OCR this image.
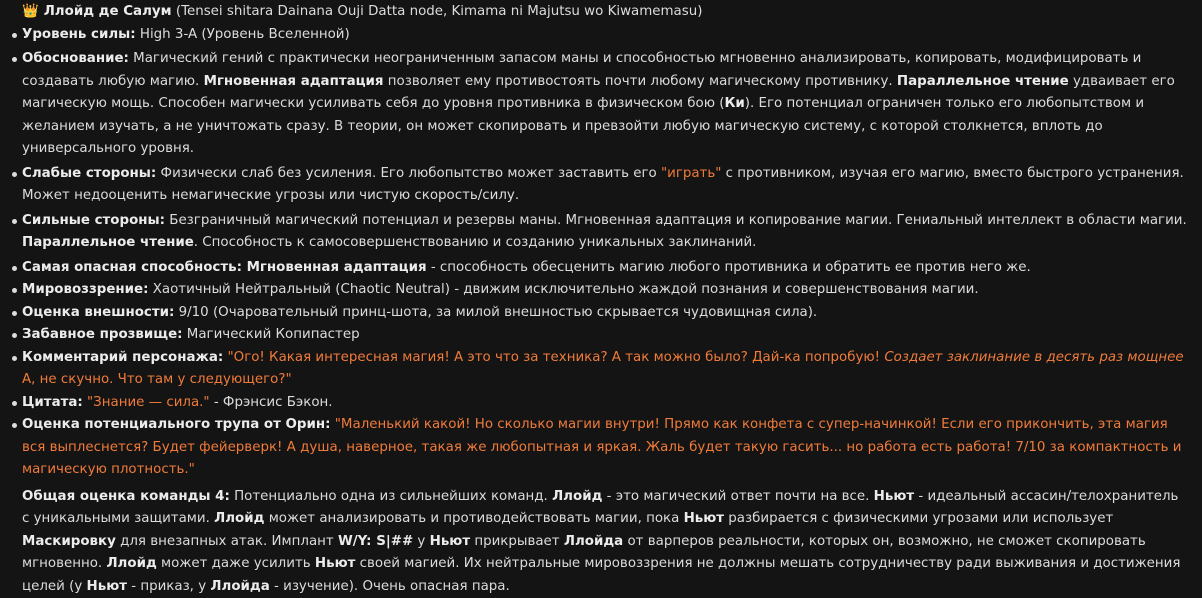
👑 Ллойд де Салум (Tensei shitara Dainana Ouji Datta node, Kimama ni Majutsu wo Kiwamemasu)
Уровень силы: High 3-A (Уровень Вселенной)
Обоснование: Магический гений с практически неограниченным запасом маны и способностью мгновенно анализировать, копировать, модифицировать и создавать любую магию. Мгновенная адаптация позволяет ему противостоять почти любому магическому противнику. Параллельное чтение удваивает его магическую мощь. Способен магически усиливать себя до уровня противника в физическом бою (Ки). Его потенциал ограничен только его любопытством и желанием изучать, а не уничтожать сразу. В теории, он может скопировать и превзойти любую магическую систему, с которой столкнется, вплоть до универсального уровня.
Слабые стороны: Физически слаб без усиления. Его любопытство может заставить его "играть" с противником, изучая его магию, вместо быстрого устранения. Может недооценить немагические угрозы или чистую скорость/силу.
Сильные стороны: Безграничный магический потенциал и резервы маны. Мгновенная адаптация и копирование магии. Гениальный интеллект в области магии. Параллельное чтение. Способность к самосовершенствованию и созданию уникальных заклинаний.
Самая опасная способность: Мгновенная адаптация - способность обесценить магию любого противника и обратить ее против него же.
Мировоззрение: Хаотичный Нейтральный (Chaotic Neutral) - движим исключительно жаждой познания и совершенствования магии.
Оценка внешности: 9/10 (Очаровательный принц-шота, за милой внешностью скрывается чудовищная сила).
Забавное прозвище: Магический Копипастер
Комментарий персонажа: "Ого! Какая интересная магия! А это что за техника? А так можно было? Дай-ка попробую! Создает заклинание в десять раз мощнее А, не скучно. Что там у следующего?"
Цитата: "Знание — сила." - Фрэнсис Бэкон.
Оценка потенциального трупа от Орин: "Маленький какой! Но сколько магии внутри! Прямо как конфета с супер-начинкой! Если его прикончить, эта магия вся выплеснется? Будет фейерверк! А душа, наверное, такая же любопытная и яркая. Жаль будет такую гасить... но работа есть работа! 7/10 за компактность и магическую плотность."
Общая оценка команды 4: Потенциально одна из сильнейших команд. Ллойд - это магический ответ почти на все. Ньют - идеальный ассасин/телохранитель с уникальными защитами. Ллойд может анализировать и противодействовать магии, пока Ньют разбирается с физическими угрозами или использует Маскировку для внезапных атак. Имплант W/Y: S|## у Ньют прикрывает Ллойда от варперов реальности, которых он, возможно, не сможет скопировать мгновенно. Ллойд может даже усилить Ньют своей магией. Их нейтральные мировоззрения не должны мешать сотрудничеству ради выживания и достижения целей (у Ньют - приказ, у Ллойда - изучение). Очень опасная пара.
